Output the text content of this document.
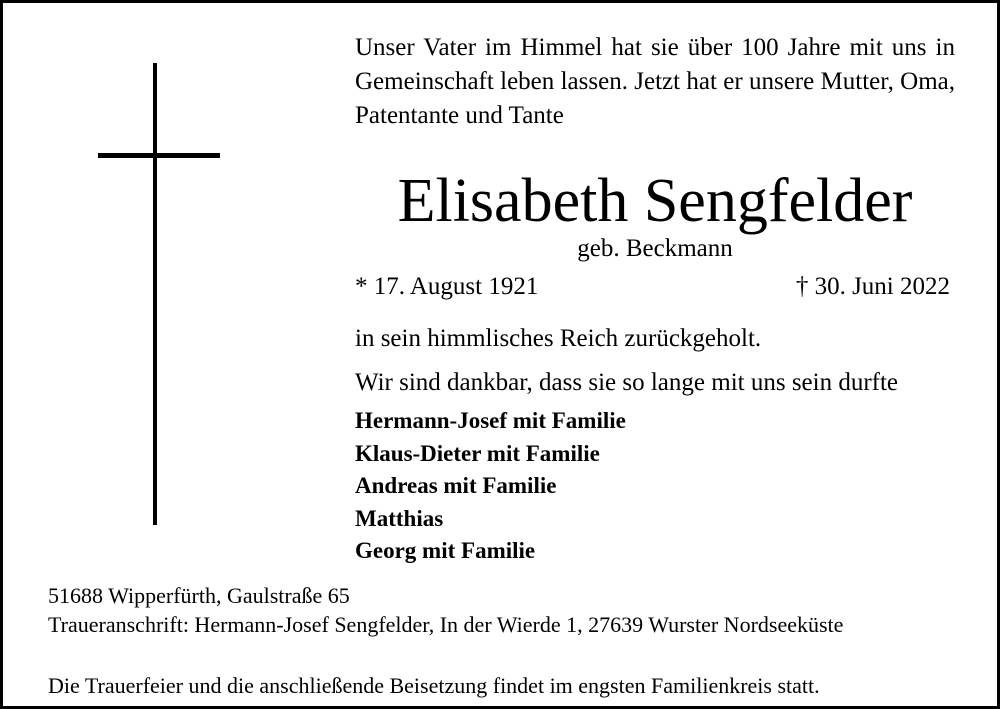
Unser Vater im Himmel hat sie über 100 Jahre mit uns in Gemeinschaft leben lassen. Jetzt hat er unsere Mutter, Oma, Patentante und Tante

Elisabeth Sengfelder
geb. Beckmann
* 17. August 1921	† 30. Juni 2022
in sein himmlisches Reich zurückgeholt.
Wir sind dankbar, dass sie so lange mit uns sein durfte
Hermann-Josef mit Familie
Klaus-Dieter mit Familie
Andreas mit Familie
Matthias
Georg mit Familie
51688 Wipperfürth, Gaulstraße 65
Traueranschrift: Hermann-Josef Sengfelder, In der Wierde 1, 27639 Wurster Nordseeküste
Die Trauerfeier und die anschließende Beisetzung findet im engsten Familienkreis statt.
